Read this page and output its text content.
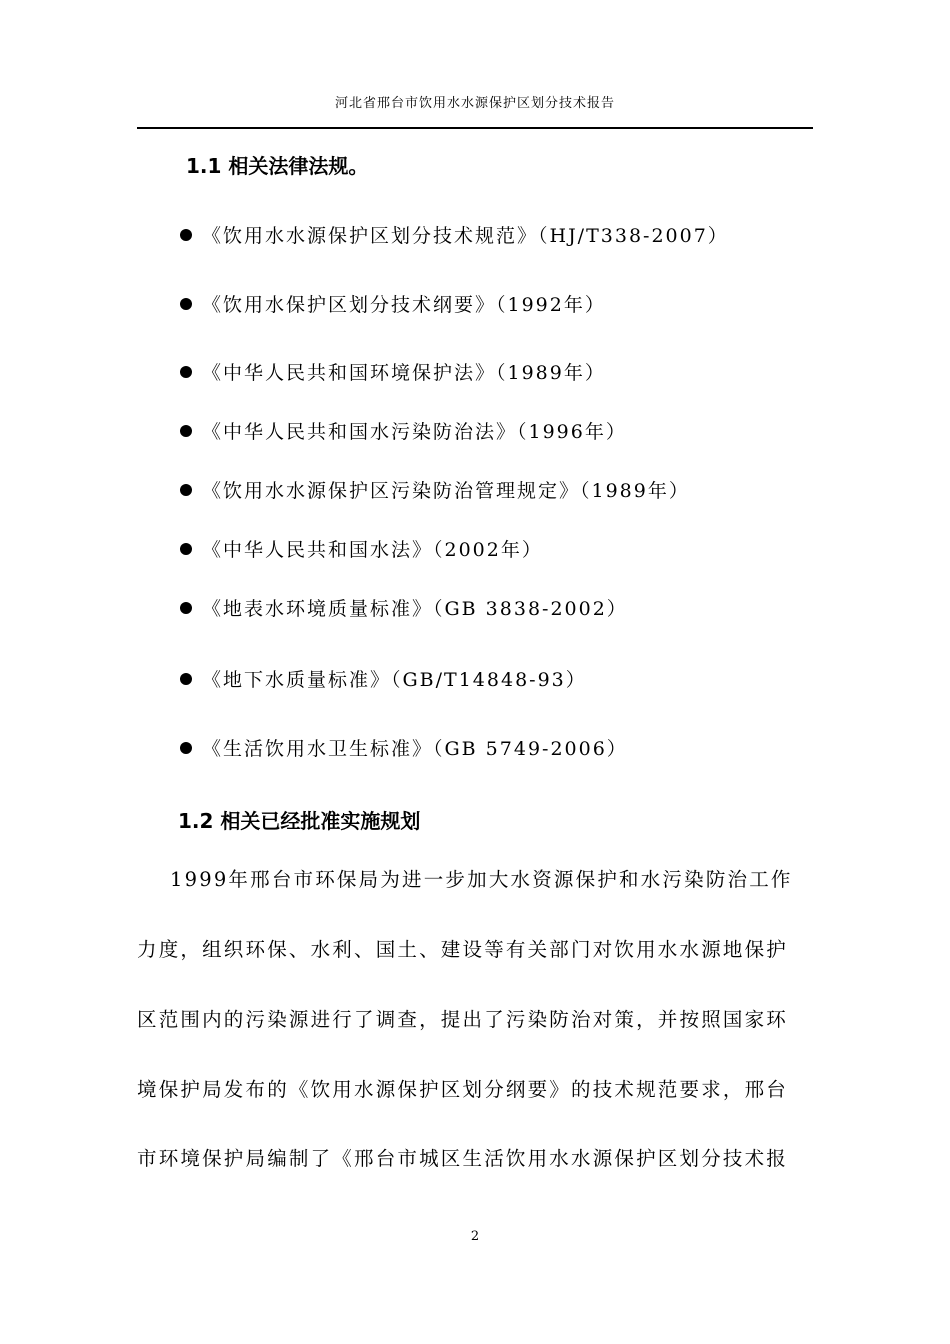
河北省邢台市饮用水水源保护区划分技术报告
1.1 相关法律法规。
《饮用水水源保护区划分技术规范》（HJ/T338-2007）
《饮用水保护区划分技术纲要》（1992年）
《中华人民共和国环境保护法》（1989年）
《中华人民共和国水污染防治法》（1996年）
《饮用水水源保护区污染防治管理规定》（1989年）
《中华人民共和国水法》（2002年）
《地表水环境质量标准》（GB 3838-2002）
《地下水质量标准》（GB/T14848-93）
《生活饮用水卫生标准》（GB 5749-2006）
1.2 相关已经批准实施规划
1999年邢台市环保局为进一步加大水资源保护和水污染防治工作
力度，组织环保、水利、国土、建设等有关部门对饮用水水源地保护
区范围内的污染源进行了调查，提出了污染防治对策，并按照国家环
境保护局发布的《饮用水源保护区划分纲要》的技术规范要求，邢台
市环境保护局编制了《邢台市城区生活饮用水水源保护区划分技术报
2
